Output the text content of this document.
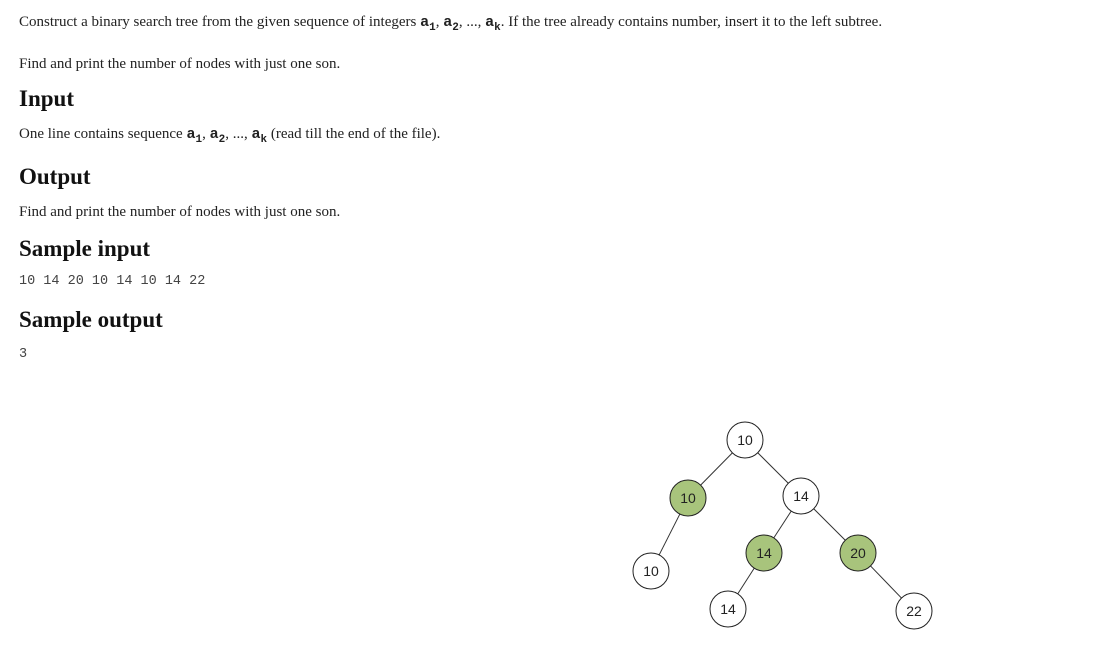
Construct a binary search tree from the given sequence of integers $a_1$, $a_2$, ..., $a_k$. If the tree already contains number, insert it to the left subtree.

Find and print the number of nodes with just one son.

Input

One line contains sequence $a_1$, $a_2$, ..., $a_k$ (read till the end of the file).

Output

Find and print the number of nodes with just one son.

Sample input
10 14 20 10 14 10 14 22
Sample output
3
10
10	14
10
14	20
14	22
